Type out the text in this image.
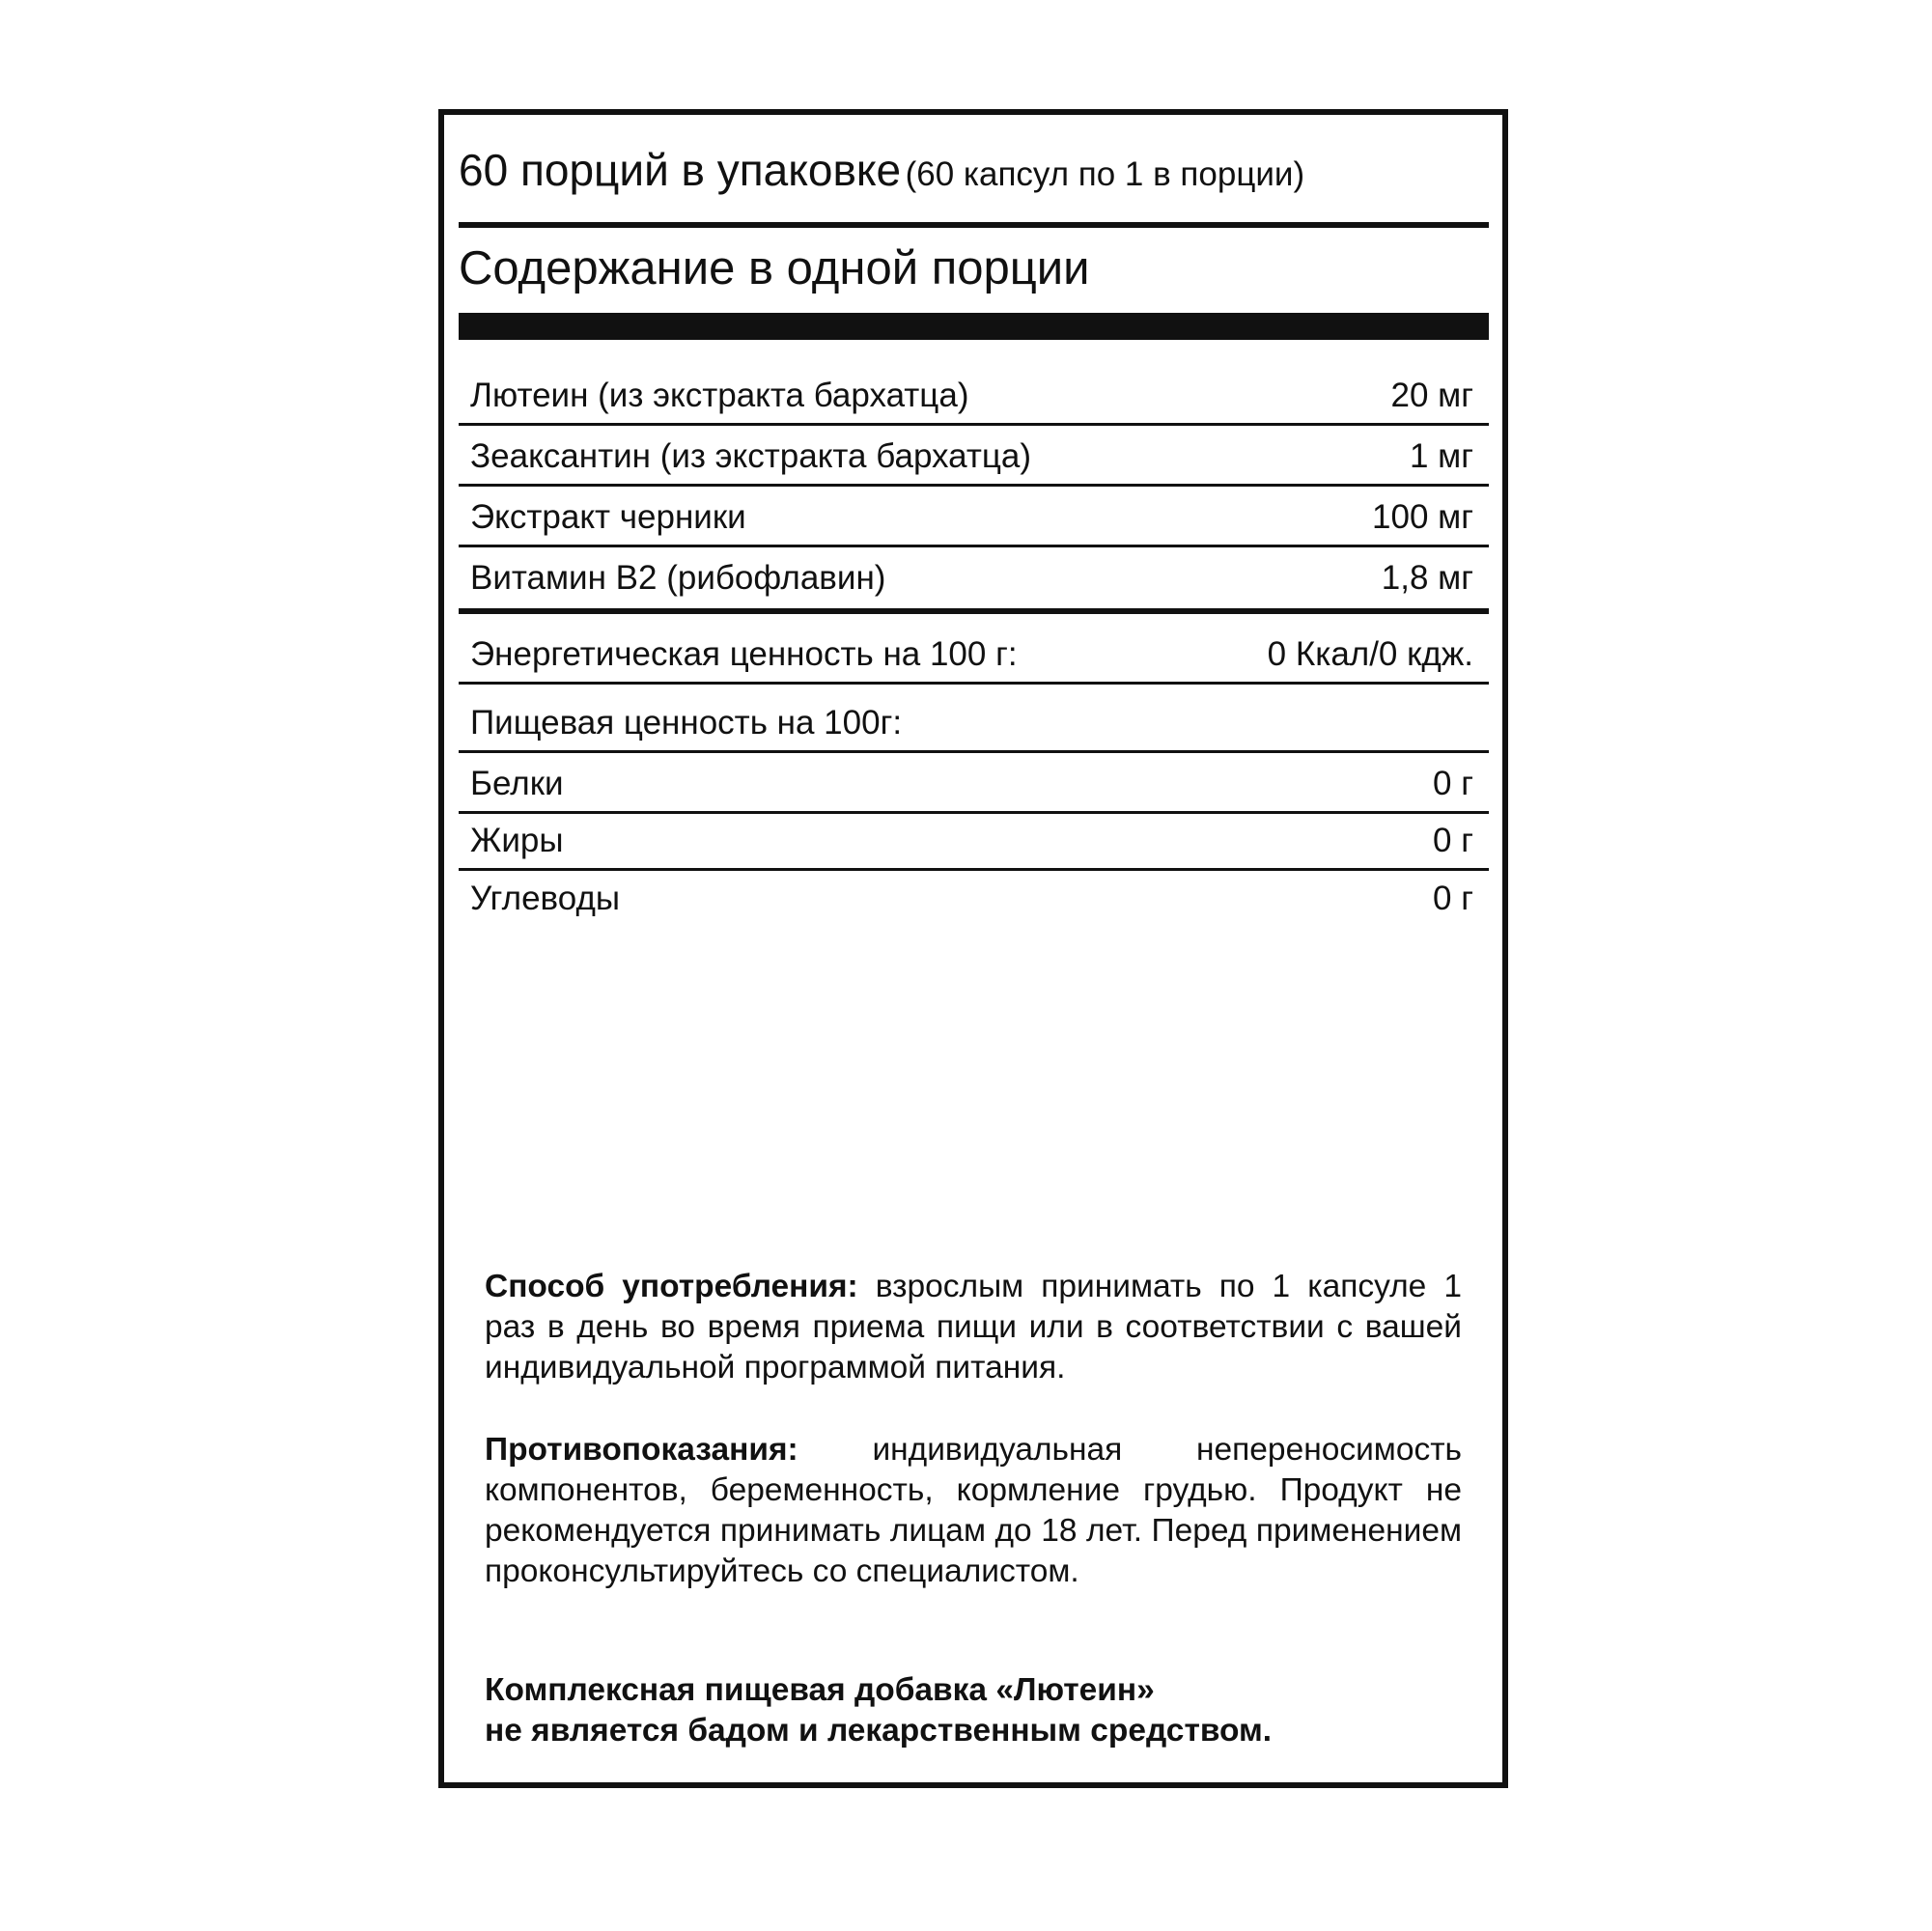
60 порций в упаковке (60 капсул по 1 в порции)
Содержание в одной порции
Лютеин (из экстракта бархатца)	20 мг
Зеаксантин (из экстракта бархатца)	1 мг
Экстракт черники	100 мг
Витамин В2 (рибофлавин)	1,8 мг
Энергетическая ценность на 100 г:	0 Ккал/0 кдж.
Пищевая ценность на 100г:
Белки	0 г
Жиры	0 г
Углеводы	0 г
Способ употребления: взрослым принимать по 1 капсуле 1 раз в день во время приема пищи или в соответствии с вашей индивидуальной программой питания.
Противопоказания: индивидуальная непереносимость компонентов, беременность, кормление грудью. Продукт не рекомендуется принимать лицам до 18 лет. Перед применением проконсультируйтесь со специалистом.
Комплексная пищевая добавка «Лютеин»
не является бадом и лекарственным средством.
